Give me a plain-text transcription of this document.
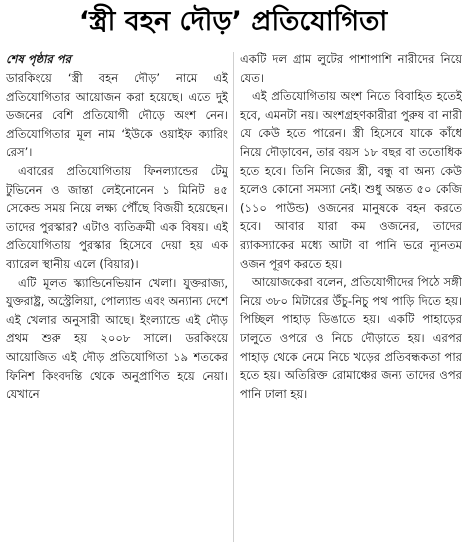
‘স্ত্রী বহন দৌড়’ প্রতিযোগিতা

শেষ পৃষ্ঠার পর

ডারকিংয়ে ‘স্ত্রী বহন দৌড়’ নামে এই প্রতিযোগিতার আয়োজন করা হয়েছে। এতে দুই ডজনের বেশি প্রতিযোগী দৌড়ে অংশ নেন। প্রতিযোগিতার মূল নাম ‘ইউকে ওয়াইফ ক্যারিং রেস’।

এবারের প্রতিযোগিতায় ফিনল্যান্ডের টেমু টুভিনেন ও জান্তা লেইনোনেন ১ মিনিট ৪৫ সেকেন্ড সময় নিয়ে লক্ষ্য পৌঁছে বিজয়ী হয়েছেন। তাদের পুরস্কার? এটাও ব্যতিক্রমী এক বিষয়। এই প্রতিযোগিতায় পুরস্কার হিসেবে দেয়া হয় এক ব্যারেল স্থানীয় এলে (বিয়ার)।

এটি মূলত স্ক্যান্ডিনেভিয়ান খেলা। যুক্তরাজ্য, যুক্তরাষ্ট্র, অস্ট্রেলিয়া, পোল্যান্ড এবং অন্যান্য দেশে এই খেলার অনুসারী আছে। ইংল্যান্ডে এই দৌড় প্রথম শুরু হয় ২০০৮ সালে। ডরকিংয়ে আয়োজিত এই দৌড় প্রতিযোগিতা ১৯ শতকের ফিনিশ কিংবদন্তি থেকে অনুপ্রাণিত হয়ে নেয়া। যেখানে

একটি দল গ্রাম লুটের পাশাপাশি নারীদের নিয়ে যেত।

এই প্রতিযোগিতায় অংশ নিতে বিবাহিত হতেই হবে, এমনটা নয়। অংশগ্রহণকারীরা পুরুষ বা নারী যে কেউ হতে পারেন। স্ত্রী হিসেবে যাকে কাঁধে নিয়ে দৌড়াবেন, তার বয়স ১৮ বছর বা ততোধিক হতে হবে। তিনি নিজের স্ত্রী, বন্ধু বা অন্য কেউ হলেও কোনো সমস্যা নেই। শুধু অন্তত ৫০ কেজি (১১০ পাউন্ড) ওজনের মানুষকে বহন করতে হবে। আবার যারা কম ওজনের, তাদের র‌্যাকস্যাকের মধ্যে আটা বা পানি ভরে ন্যূনতম ওজন পূরণ করতে হয়।

আয়োজকেরা বলেন, প্রতিযোগীদের পিঠে সঙ্গী নিয়ে ৩৮০ মিটারের উঁচু-নিচু পথ পাড়ি দিতে হয়। পিচ্ছিল পাহাড় ডিঙাতে হয়। একটি পাহাড়ের ঢালুতে ওপরে ও নিচে দৌড়াতে হয়। এরপর পাহাড় থেকে নেমে নিচে খড়ের প্রতিবন্ধকতা পার হতে হয়। অতিরিক্ত রোমাঞ্চের জন্য তাদের ওপর পানি ঢালা হয়।
